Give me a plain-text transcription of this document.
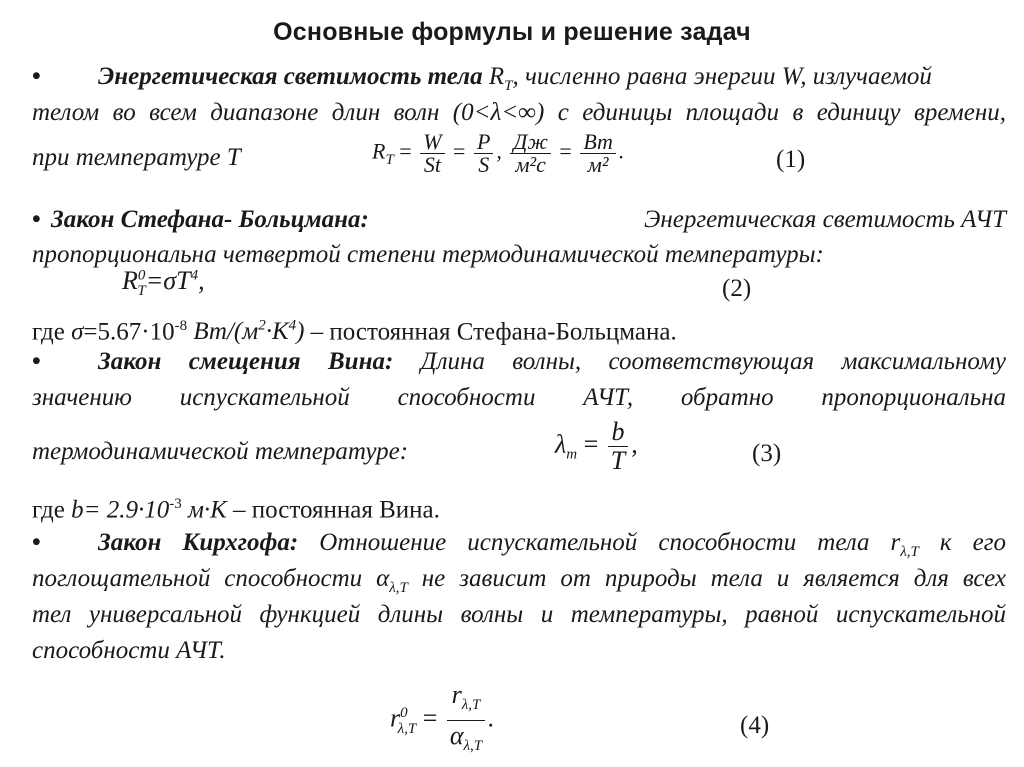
Основные формулы и решение задач
• Энергетическая светимость тела $R_T$, численно равна энергии W, излучаемой
телом во всем диапазоне длин волн (0<λ<∞) с единицы площади в единицу времени,
при температуре T	$R_T = \frac{W}{St} = \frac{P}{S}$ , $\frac{Дж}{\text{м²с}} = \frac{Вт}{\text{м²}}$ .	(1)
• Закон Стефана- Больцмана:	Энергетическая светимость АЧТ
пропорциональна четвертой степени термодинамической температуры:
$R^0_T=\sigma T^4$,	(2)
где $\sigma=5.67\cdot 10^{-8}$ $Вт/(м^2\cdot К^4)$ – постоянная Стефана-Больцмана.
• Закон смещения Вина: Длина волны, соответствующая максимальному
значению испускательной способности АЧТ, обратно пропорциональна
термодинамической температуре:	$\lambda_m = \frac{b}{T}$ ,	(3)
где $b= 2.9\cdot 10^{-3}$ м·К – постоянная Вина.
• Закон Кирхгофа: Отношение испускательной способности тела $r_{\lambda,T}$ к его
поглощательной способности $\alpha_{\lambda,T}$ не зависит от природы тела и является для всех
тел универсальной функцией длины волны и температуры, равной испускательной
способности АЧТ.
$r^0_{\lambda,T} = \frac{r_{\lambda,T}}{\alpha_{\lambda,T}}$ .	(4)
